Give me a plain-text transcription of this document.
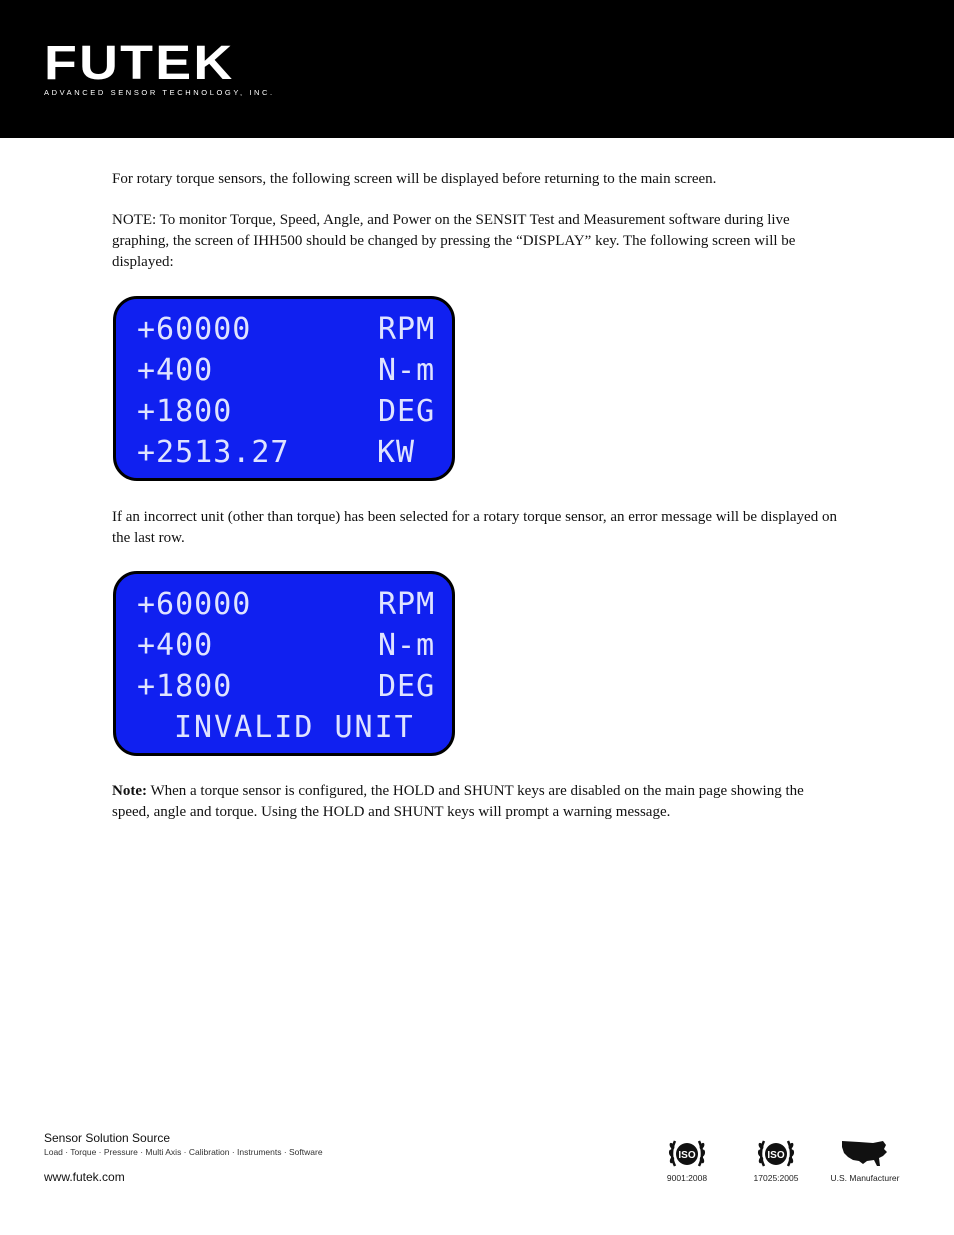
FUTEK
ADVANCED SENSOR TECHNOLOGY, INC.

For rotary torque sensors, the following screen will be displayed before returning to the main screen.

NOTE: To monitor Torque, Speed, Angle, and Power on the SENSIT Test and Measurement software during live graphing, the screen of IHH500 should be changed by pressing the “DISPLAY” key. The following screen will be displayed:

+60000	RPM
+400	N-m
+1800	DEG
+2513.27	KW

If an incorrect unit (other than torque) has been selected for a rotary torque sensor, an error message will be displayed on the last row.

+60000	RPM
+400	N-m
+1800	DEG
INVALID UNIT

Note: When a torque sensor is configured, the HOLD and SHUNT keys are disabled on the main page showing the speed, angle and torque. Using the HOLD and SHUNT keys will prompt a warning message.

Sensor Solution Source
Load · Torque · Pressure · Multi Axis · Calibration · Instruments · Software
www.futek.com
ISO
9001:2008
ISO
17025:2005	U.S. Manufacturer
